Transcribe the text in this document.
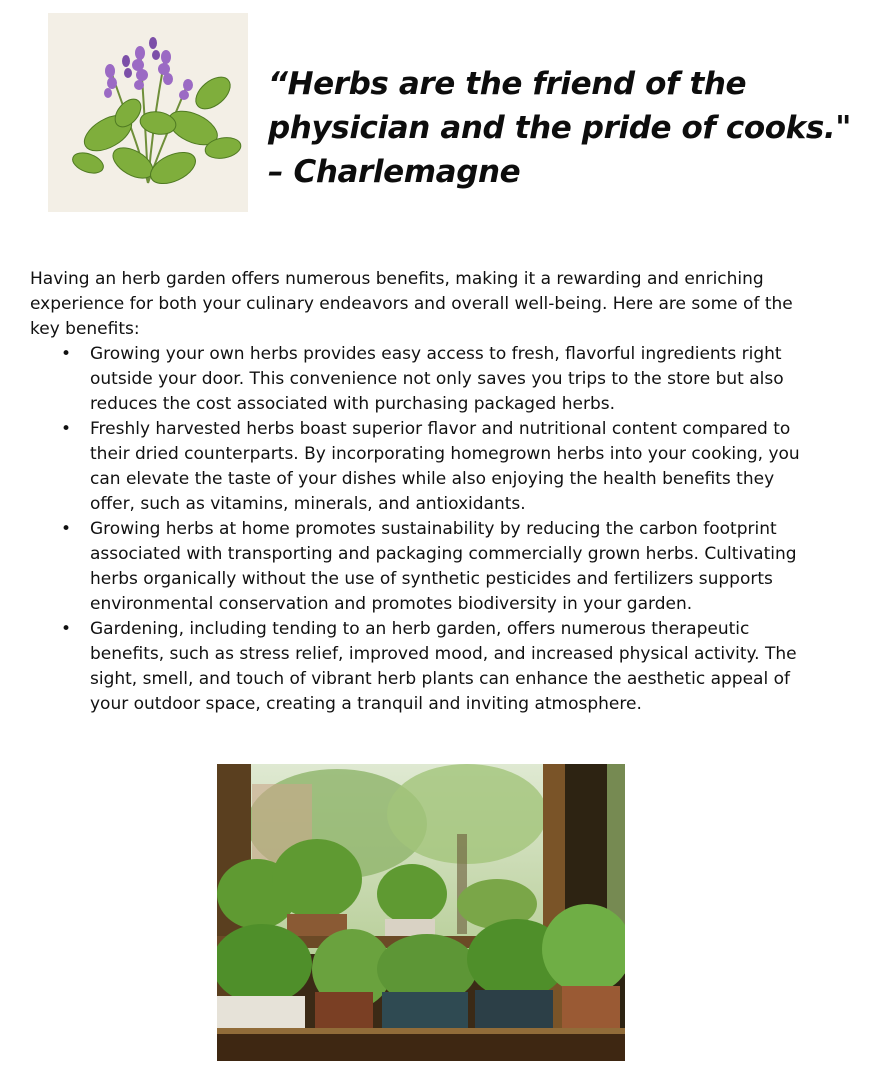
“Herbs are the friend of the
physician and the pride of cooks."
– Charlemagne

Having an herb garden offers numerous benefits, making it a rewarding and enriching
experience for both your culinary endeavors and overall well-being. Here are some of the
key benefits:

• Growing your own herbs provides easy access to fresh, flavorful ingredients right
outside your door. This convenience not only saves you trips to the store but also
reduces the cost associated with purchasing packaged herbs.
• Freshly harvested herbs boast superior flavor and nutritional content compared to
their dried counterparts. By incorporating homegrown herbs into your cooking, you
can elevate the taste of your dishes while also enjoying the health benefits they
offer, such as vitamins, minerals, and antioxidants.
• Growing herbs at home promotes sustainability by reducing the carbon footprint
associated with transporting and packaging commercially grown herbs. Cultivating
herbs organically without the use of synthetic pesticides and fertilizers supports
environmental conservation and promotes biodiversity in your garden.
• Gardening, including tending to an herb garden, offers numerous therapeutic
benefits, such as stress relief, improved mood, and increased physical activity. The
sight, smell, and touch of vibrant herb plants can enhance the aesthetic appeal of
your outdoor space, creating a tranquil and inviting atmosphere.
